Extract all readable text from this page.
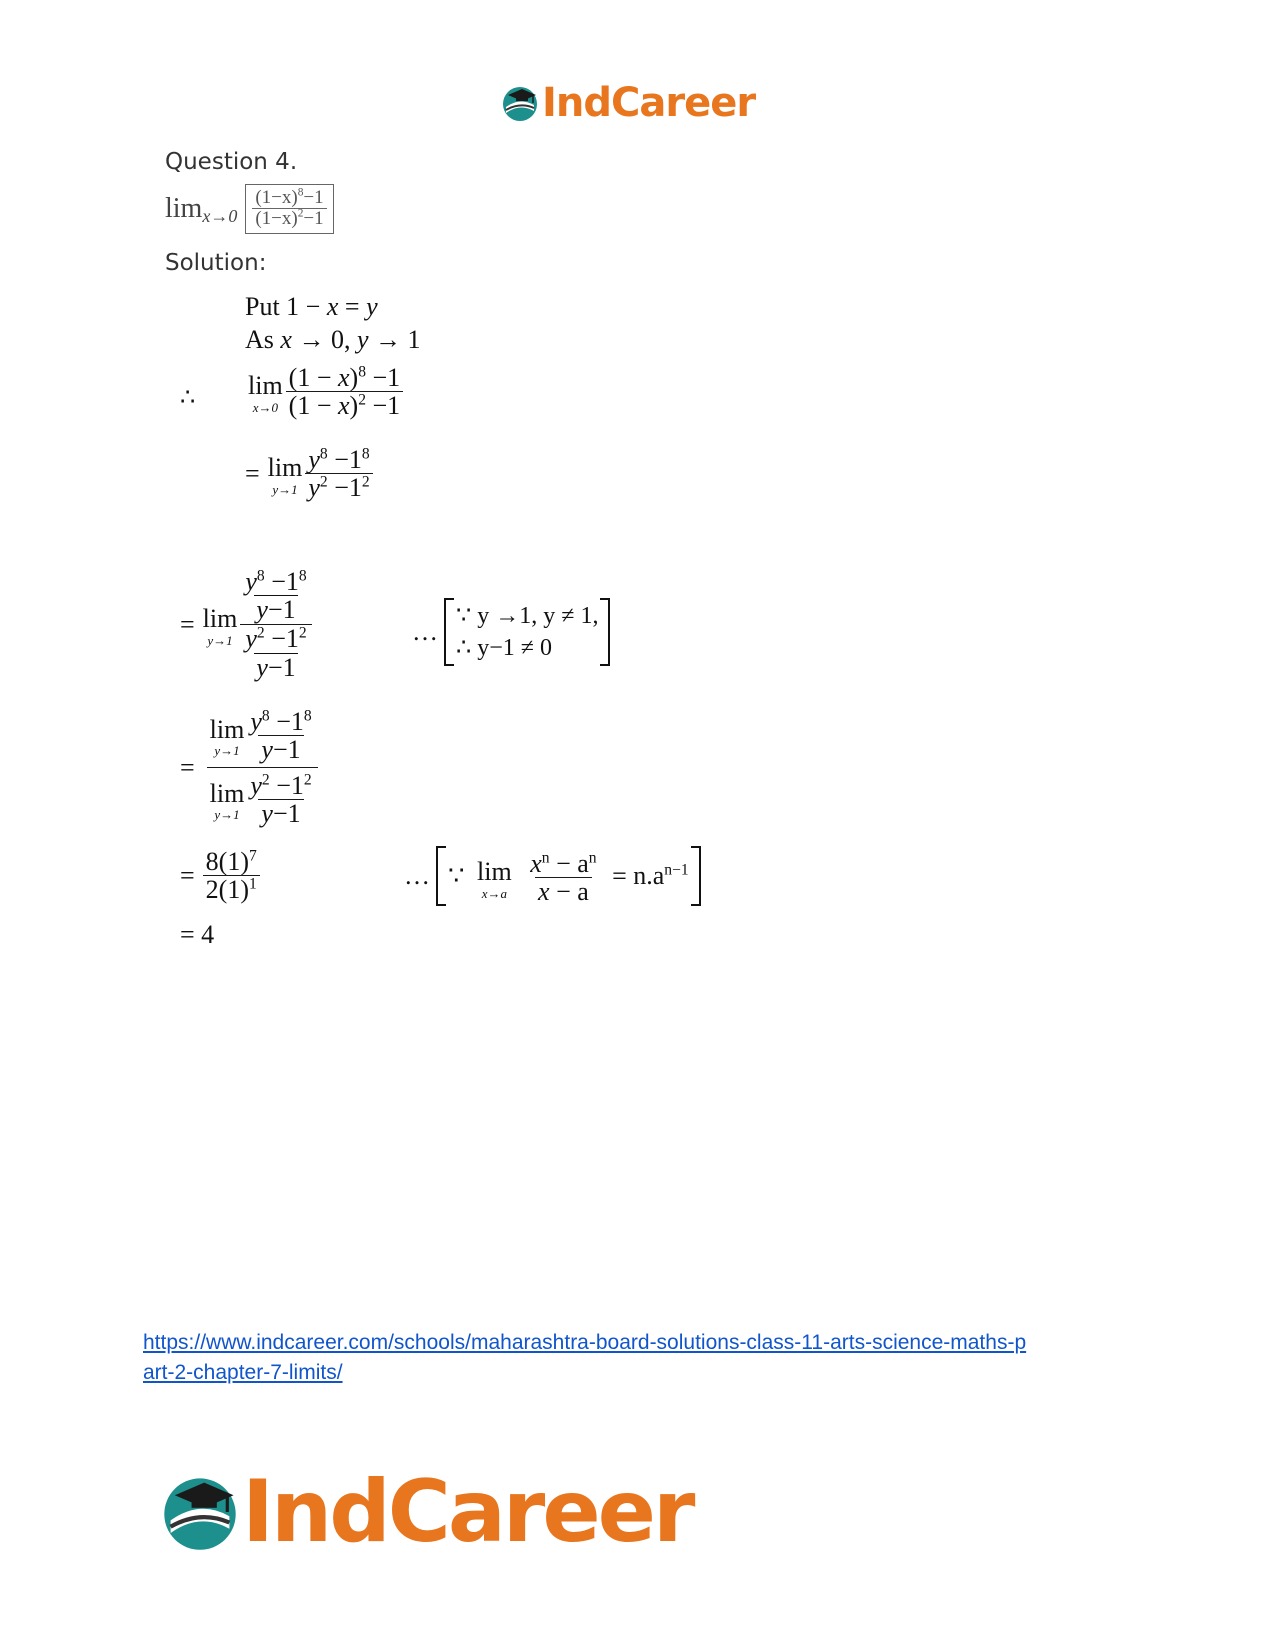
IndCareer
Question 4.
$\lim x\to 0 \frac{(1-x)^8-1}{(1-x)^2-1}$
Solution:
Put 1 − x = y
As x → 0, y → 1
∴ lim
$x\to 0 \frac{(1 - x)^8 -1}{(1 - x)^2 -1}$
= lim
$y\to 1 \frac{y^8 -1^8}{y^2 -1^2}$
= lim
y→1 $y^8 -1^8$
y−1
$y^2 -1^2$
y−1	…
∵ y →1, y ≠ 1,
∴ y−1 ≠ 0
= lim
$y\to 1 \frac{y^8 -1^8}{y-1}$
lim
$y\to 1 \frac{y^2 -1^2}{y-1}$
= $\frac{8(1)^7}{2(1)^1}$	… ∵ lim
x→a
$\frac{x^n - a^n}{x - a} = n.a^{n-1}$
= 4
https://www.indcareer.com/schools/maharashtra-board-solutions-class-11-arts-science-maths-p
art-2-chapter-7-limits/
IndCareer
